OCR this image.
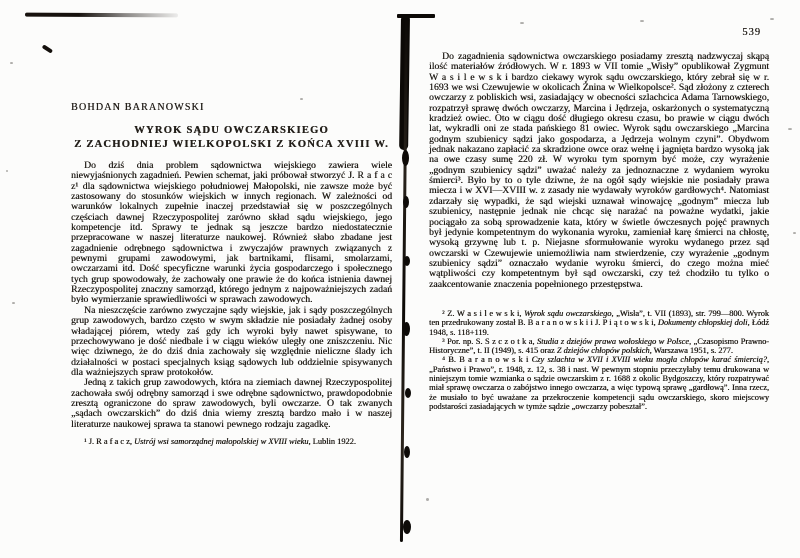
BOHDAN BARANOWSKI
WYROK SĄDU OWCZARSKIEGO
Z ZACHODNIEJ WIELKOPOLSKI Z KOŃCA XVIII W.

Do dziś dnia problem sądownictwa wiejskiego zawiera wiele niewyjaśnionych zagadnień. Pewien schemat, jaki próbował stworzyć J. R a f a c z¹ dla sądownictwa wiejskiego południowej Małopolski, nie zawsze może być zastosowany do stosunków wiejskich w innych regionach. W zależności od warunków lokalnych zupełnie inaczej przedstawiał się w poszczególnych częściach dawnej Rzeczypospolitej zarówno skład sądu wiejskiego, jego kompetencje itd. Sprawy te jednak są jeszcze bardzo niedostatecznie przepracowane w naszej literaturze naukowej. Również słabo zbadane jest zagadnienie odrębnego sądownictwa i zwyczajów prawnych związanych z pewnymi grupami zawodowymi, jak bartnikami, flisami, smolarzami, owczarzami itd. Dość specyficzne warunki życia gospodarczego i społecznego tych grup spowodowały, że zachowały one prawie że do końca istnienia dawnej Rzeczypospolitej znaczny samorząd, którego jednym z najpoważniejszych zadań było wymierzanie sprawiedliwości w sprawach zawodowych.

Na nieszczęście zarówno zwyczajne sądy wiejskie, jak i sądy poszczególnych grup zawodowych, bardzo często w swym składzie nie posiadały żadnej osoby władającej piórem, wtedy zaś gdy ich wyroki były nawet spisywane, to przechowywano je dość niedbale i w ciągu wieków uległy one zniszczeniu. Nic więc dziwnego, że do dziś dnia zachowały się względnie nieliczne ślady ich działalności w postaci specjalnych ksiąg sądowych lub oddzielnie spisywanych dla ważniejszych spraw protokołów.

Jedną z takich grup zawodowych, która na ziemiach dawnej Rzeczypospolitej zachowała swój odrębny samorząd i swe odrębne sądownictwo, prawdopodobnie zresztą ograniczone do spraw zawodowych, byli owczarze. O tak zwanych „sądach owczarskich” do dziś dnia wiemy zresztą bardzo mało i w naszej literaturze naukowej sprawa ta stanowi pewnego rodzaju zagadkę.

¹ J. R a f a c z, Ustrój wsi samorządnej małopolskiej w XVIII wieku, Lublin 1922.

539

Do zagadnienia sądownictwa owczarskiego posiadamy zresztą nadzwyczaj skąpą ilość materiałów źródłowych. W r. 1893 w VII tomie „Wisły” opublikował Zygmunt W a s i l e w s k i bardzo ciekawy wyrok sądu owczarskiego, który zebrał się w r. 1693 we wsi Czewujewie w okolicach Żnina w Wielkopolsce². Sąd złożony z czterech owczarzy z pobliskich wsi, zasiadający w obecności szlachcica Adama Tarnowskiego, rozpatrzył sprawę dwóch owczarzy, Marcina i Jędrzeja, oskarżonych o systematyczną kradzież owiec. Oto w ciągu dość długiego okresu czasu, bo prawie w ciągu dwóch lat, wykradli oni ze stada pańskiego 81 owiec. Wyrok sądu owczarskiego „Marcina godnym szubienicy sądzi jako gospodarza, a Jędrzeja wolnym czyni”. Obydwom jednak nakazano zapłacić za skradzione owce oraz wełnę i jagnięta bardzo wysoką jak na owe czasy sumę 220 zł. W wyroku tym spornym być może, czy wyrażenie „godnym szubienicy sądzi” uważać należy za jednoznaczne z wydaniem wyroku śmierci³. Było by to o tyle dziwne, że na ogół sądy wiejskie nie posiadały prawa miecza i w XVI—XVIII w. z zasady nie wydawały wyroków gardłowych⁴. Natomiast zdarzały się wypadki, że sąd wiejski uznawał winowajcę „godnym” miecza lub szubienicy, następnie jednak nie chcąc się narażać na poważne wydatki, jakie pociągało za sobą sprowadzenie kata, który w świetle ówczesnych pojęć prawnych był jedynie kompetentnym do wykonania wyroku, zamieniał karę śmierci na chłostę, wysoką grzywnę lub t. p. Niejasne sformułowanie wyroku wydanego przez sąd owczarski w Czewujewie uniemożliwia nam stwierdzenie, czy wyrażenie „godnym szubienicy sądzi” oznaczało wydanie wyroku śmierci, do czego można mieć wątpliwości czy kompetentnym był sąd owczarski, czy też chodziło tu tylko o zaakcentowanie znaczenia popełnionego przestępstwa.

² Z. W a s i l e w s k i, Wyrok sądu owczarskiego, „Wisła”, t. VII (1893), str. 799—800. Wyrok ten przedrukowany został B. B a r a n o w s k i i J. P i ą t o w s k i, Dokumenty chłopskiej doli, Łódź 1948, s. 118+119.

³ Por. np. S. S z c z o t k a, Studia z dziejów prawa wołoskiego w Polsce, „Czasopismo Prawno-Historyczne”, t. II (1949), s. 415 oraz Z dziejów chłopów polskich, Warszawa 1951, s. 277.

⁴ B. B a r a n o w s k i Czy szlachta w XVII i XVIII wieku mogła chłopów karać śmiercią?, „Państwo i Prawo”, r. 1948, z. 12, s. 38 i nast. W pewnym stopniu przeczyłaby temu drukowana w niniejszym tomie wzmianka o sądzie owczarskim z r. 1688 z okolic Bydgoszczy, który rozpatrywać miał sprawę owczarza o zabójstwo innego owczarza, a więc typową sprawę „gardłową”. Inna rzecz, że musiało to być uważane za przekroczenie kompetencji sądu owczarskiego, skoro miejscowy podstarości zasiadających w tymże sądzie „owczarzy pobeształ”.
